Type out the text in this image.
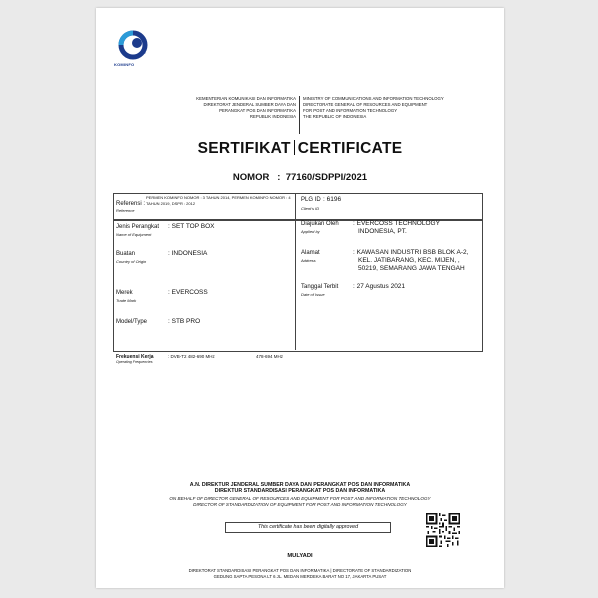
KOMINFO
KEMENTERIAN KOMUNIKASI DAN INFORMATIKA
DIREKTORAT JENDERAL SUMBER DAYA DAN
PERANGKAT POS DAN INFORMATIKA
REPUBLIK INDONESIA
MINISTRY OF COMMUNICATIONS AND INFORMATION TECHNOLOGY
DIRECTORATE GENERAL OF RESOURCES AND EQUIPMENT
FOR POST AND INFORMATION TECHNOLOGY
THE REPUBLIC OF INDONESIA
SERTIFIKAT CERTIFICATE
NOMOR : 77160/SDPPI/2021
PERMEN KOMINFO NOMOR : 3 TAHUN 2014, PERMEN KOMINFO NOMOR : 4
Referensi : TAHUN 2019, DSPR : 2012
Reference
PLG ID : 6196
Client's ID
Jenis Perangkat
Name of Equipment
: SET TOP BOX
Buatan
Country of Origin
: INDONESIA
Merek
Trade Mark
: EVERCOSS
Model/Type	: STB PRO
Diajukan Oleh
Applied by
: EVERCOSS TECHNOLOGY
INDONESIA, PT.
Alamat
Address
: KAWASAN INDUSTRI BSB BLOK A-2,
KEL. JATIBARANG, KEC. MIJEN, ,
50219, SEMARANG JAWA TENGAH
Tanggal Terbit
Date of Issue
: 27 Agustus 2021
Frekuensi Kerja
Operating Frequencies
: DVB-T2 482-690 MHz	478-694 MHz
A.N. DIREKTUR JENDERAL SUMBER DAYA DAN PERANGKAT POS DAN INFORMATIKA
DIREKTUR STANDARDISASI PERANGKAT POS DAN INFORMATIKA
ON BEHALF OF DIRECTOR GENERAL OF RESOURCES AND EQUIPMENT FOR POST AND INFORMATION TECHNOLOGY
DIRECTOR OF STANDARDIZATION OF EQUIPMENT FOR POST AND INFORMATION TECHNOLOGY
This certificate has been digitally approved
MULYADI
DIREKTORAT STANDARDISASI PERANGKAT POS DAN INFORMATIKA | DIRECTORATE OF STANDARDIZATION
GEDUNG SAPTA PESONA LT 6 JL. MEDAN MERDEKA BARAT NO 17, JAKARTA PUSAT
